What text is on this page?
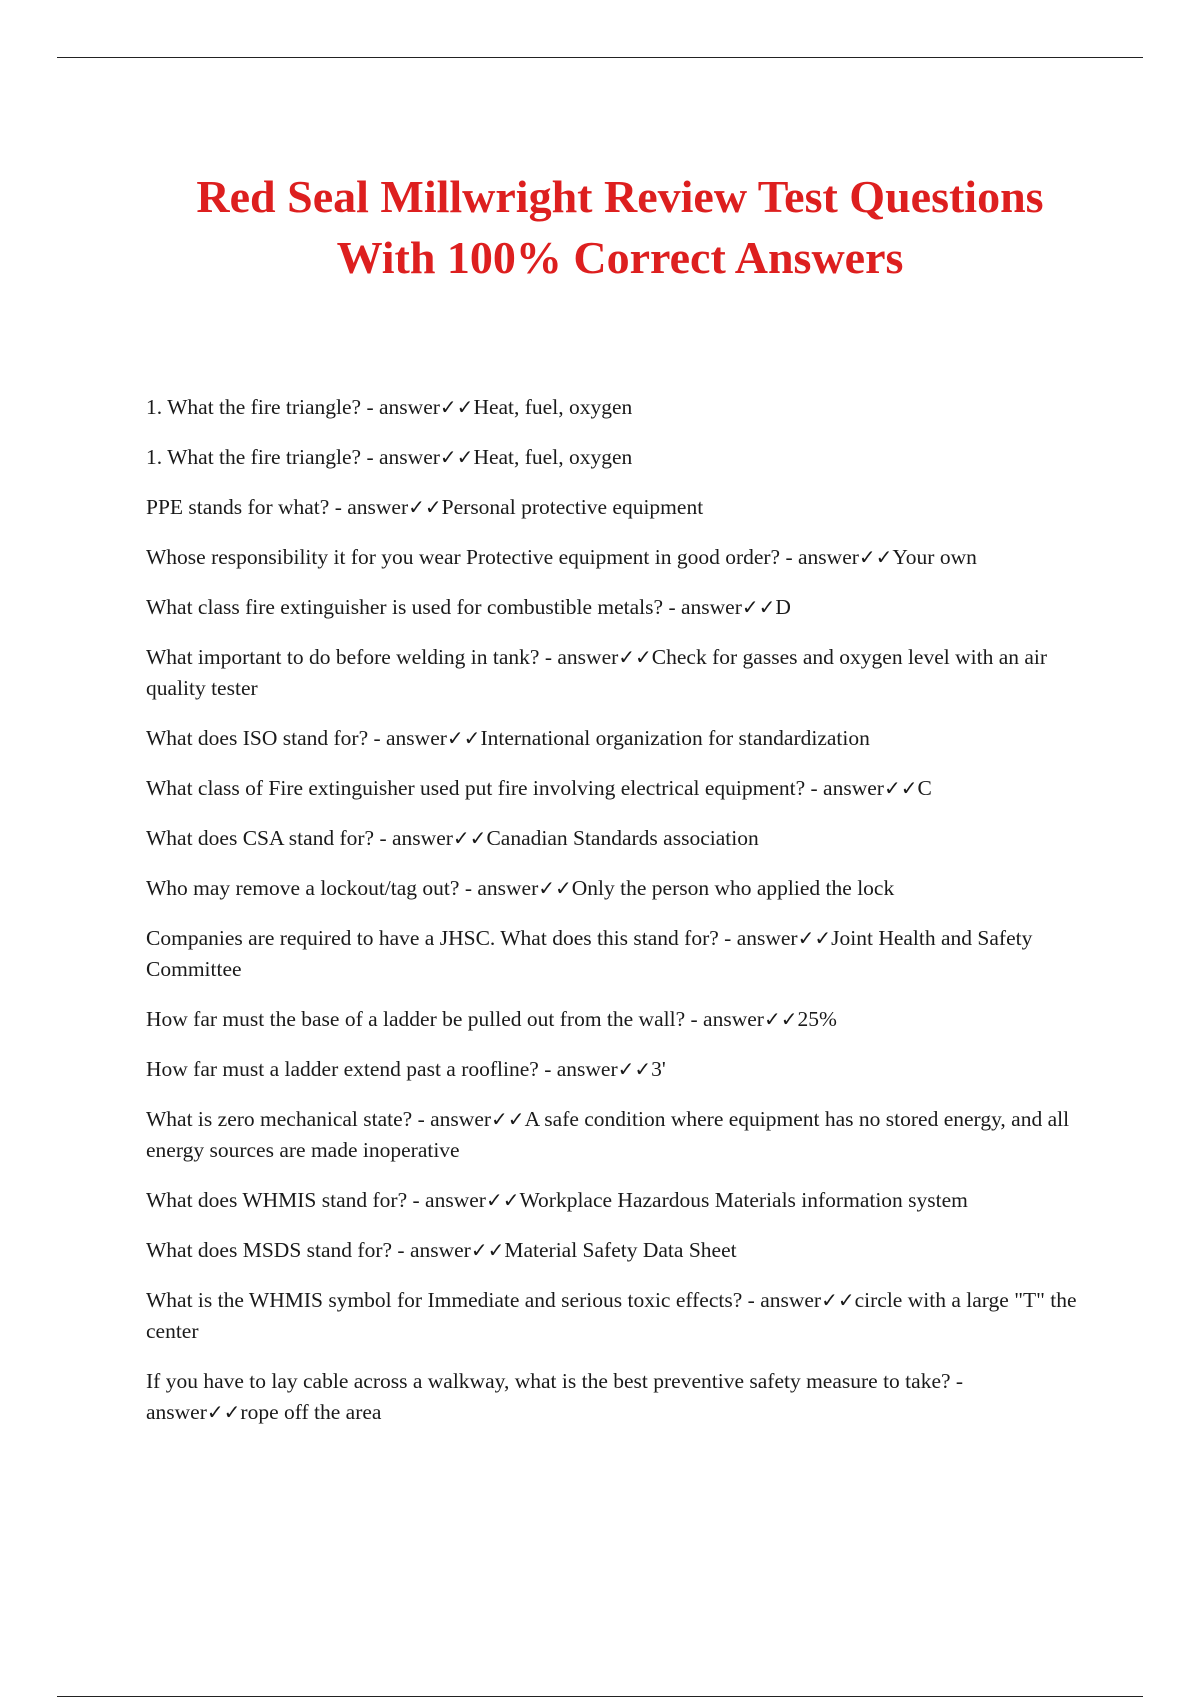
Red Seal Millwright Review Test Questions
With 100% Correct Answers
1. What the fire triangle? - answer✓✓Heat, fuel, oxygen
1. What the fire triangle? - answer✓✓Heat, fuel, oxygen
PPE stands for what? - answer✓✓Personal protective equipment
Whose responsibility it for you wear Protective equipment in good order? - answer✓✓Your own
What class fire extinguisher is used for combustible metals? - answer✓✓D
What important to do before welding in tank? - answer✓✓Check for gasses and oxygen level with an air quality tester
What does ISO stand for? - answer✓✓International organization for standardization
What class of Fire extinguisher used put fire involving electrical equipment? - answer✓✓C
What does CSA stand for? - answer✓✓Canadian Standards association
Who may remove a lockout/tag out? - answer✓✓Only the person who applied the lock
Companies are required to have a JHSC. What does this stand for? - answer✓✓Joint Health and Safety Committee
How far must the base of a ladder be pulled out from the wall? - answer✓✓25%
How far must a ladder extend past a roofline? - answer✓✓3'
What is zero mechanical state? - answer✓✓A safe condition where equipment has no stored energy, and all energy sources are made inoperative
What does WHMIS stand for? - answer✓✓Workplace Hazardous Materials information system
What does MSDS stand for? - answer✓✓Material Safety Data Sheet
What is the WHMIS symbol for Immediate and serious toxic effects? - answer✓✓circle with a large "T" the center
If you have to lay cable across a walkway, what is the best preventive safety measure to take? - answer✓✓rope off the area
